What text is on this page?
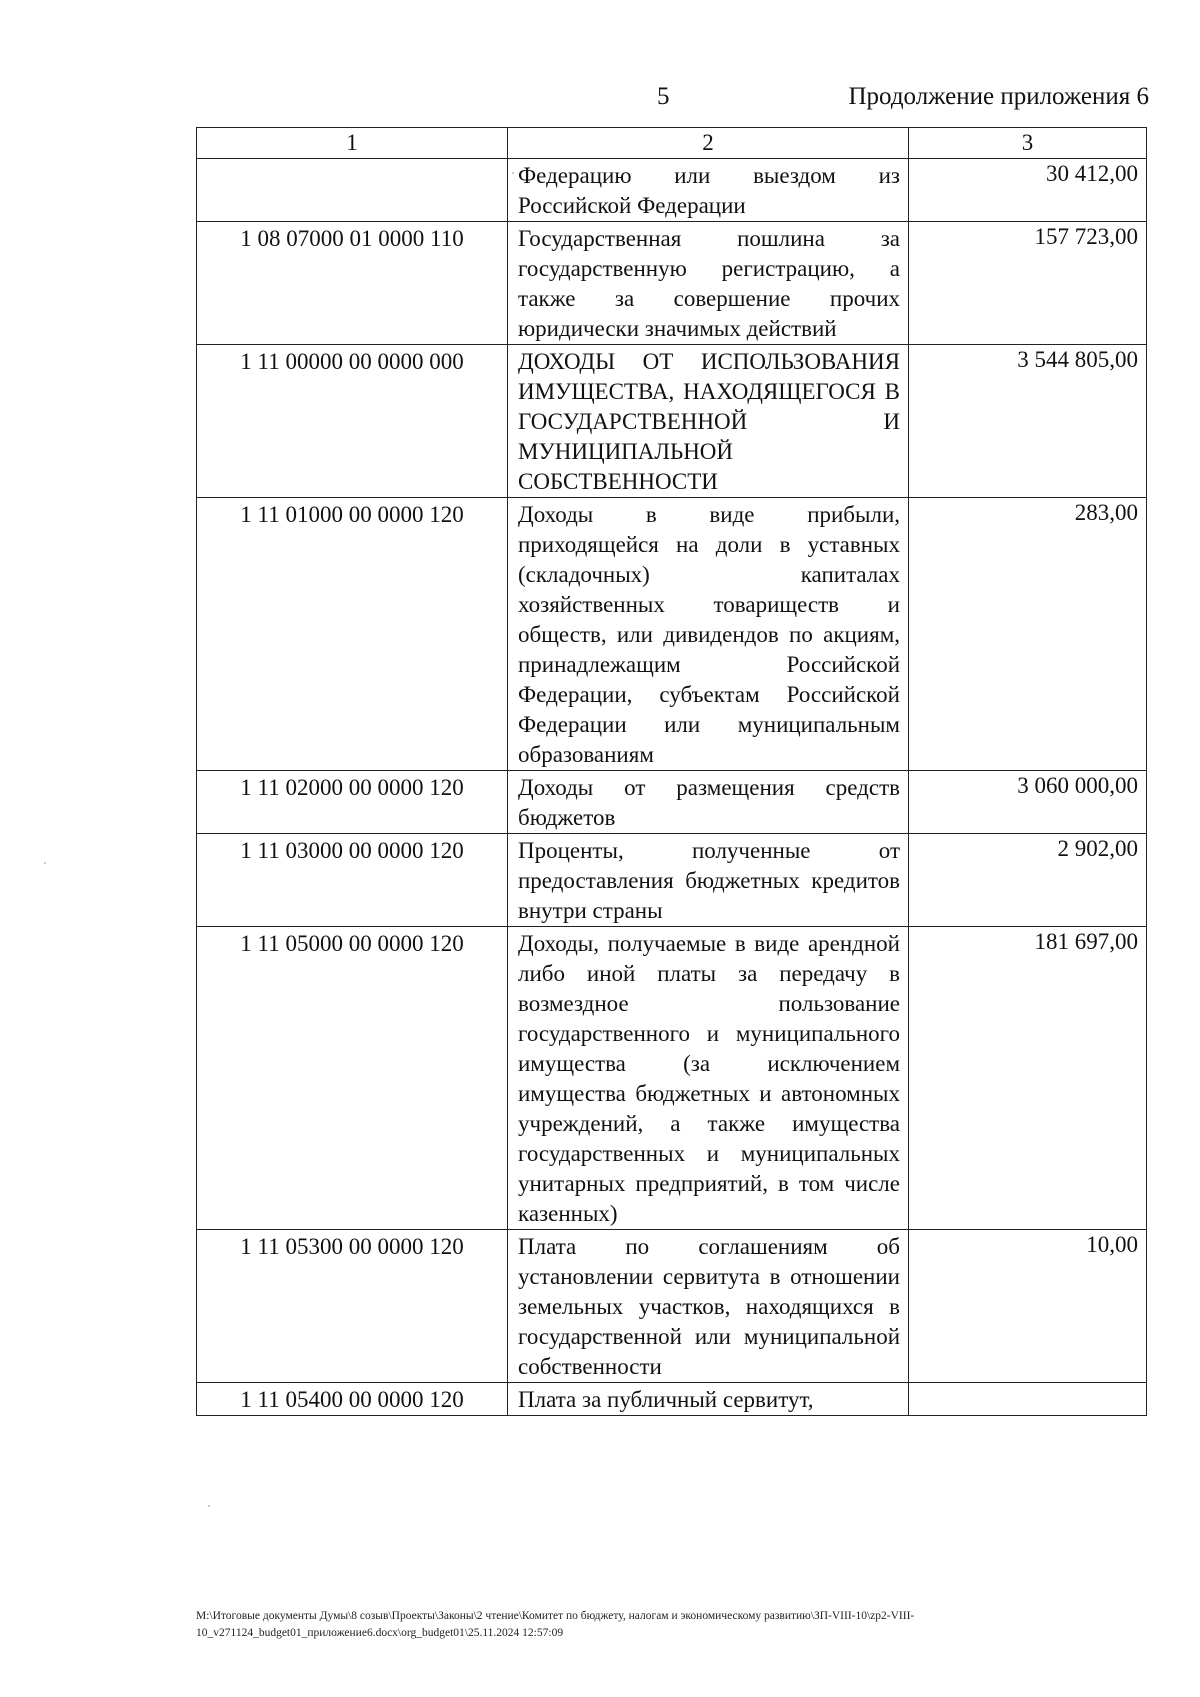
5	Продолжение приложения 6
1	2	3
	Федерацию или выездом из Российской Федерации	30 412,00
1 08 07000 01 0000 110	Государственная пошлина за государственную регистрацию, а также за совершение прочих юридически значимых действий	157 723,00
1 11 00000 00 0000 000	ДОХОДЫ ОТ ИСПОЛЬЗОВАНИЯ ИМУЩЕСТВА, НАХОДЯЩЕГОСЯ В ГОСУДАРСТВЕННОЙ И МУНИЦИПАЛЬНОЙ СОБСТВЕННОСТИ	3 544 805,00
1 11 01000 00 0000 120	Доходы в виде прибыли, приходящейся на доли в уставных (складочных) капиталах хозяйственных товариществ и обществ, или дивидендов по акциям, принадлежащим Российской Федерации, субъектам Российской Федерации или муниципальным образованиям	283,00
1 11 02000 00 0000 120	Доходы от размещения средств бюджетов	3 060 000,00
1 11 03000 00 0000 120	Проценты, полученные от предоставления бюджетных кредитов внутри страны	2 902,00
1 11 05000 00 0000 120	Доходы, получаемые в виде арендной либо иной платы за передачу в возмездное пользование государственного и муниципального имущества (за исключением имущества бюджетных и автономных учреждений, а также имущества государственных и муниципальных унитарных предприятий, в том числе казенных)	181 697,00
1 11 05300 00 0000 120	Плата по соглашениям об установлении сервитута в отношении земельных участков, находящихся в государственной или муниципальной собственности	10,00
1 11 05400 00 0000 120	Плата за публичный сервитут,	
M:\Итоговые документы Думы\8 созыв\Проекты\Законы\2 чтение\Комитет по бюджету, налогам и экономическому развитию\ЗП-VIII-10\zp2-VIII-10_v271124_budget01_приложение6.docx\org_budget01\25.11.2024 12:57:09
